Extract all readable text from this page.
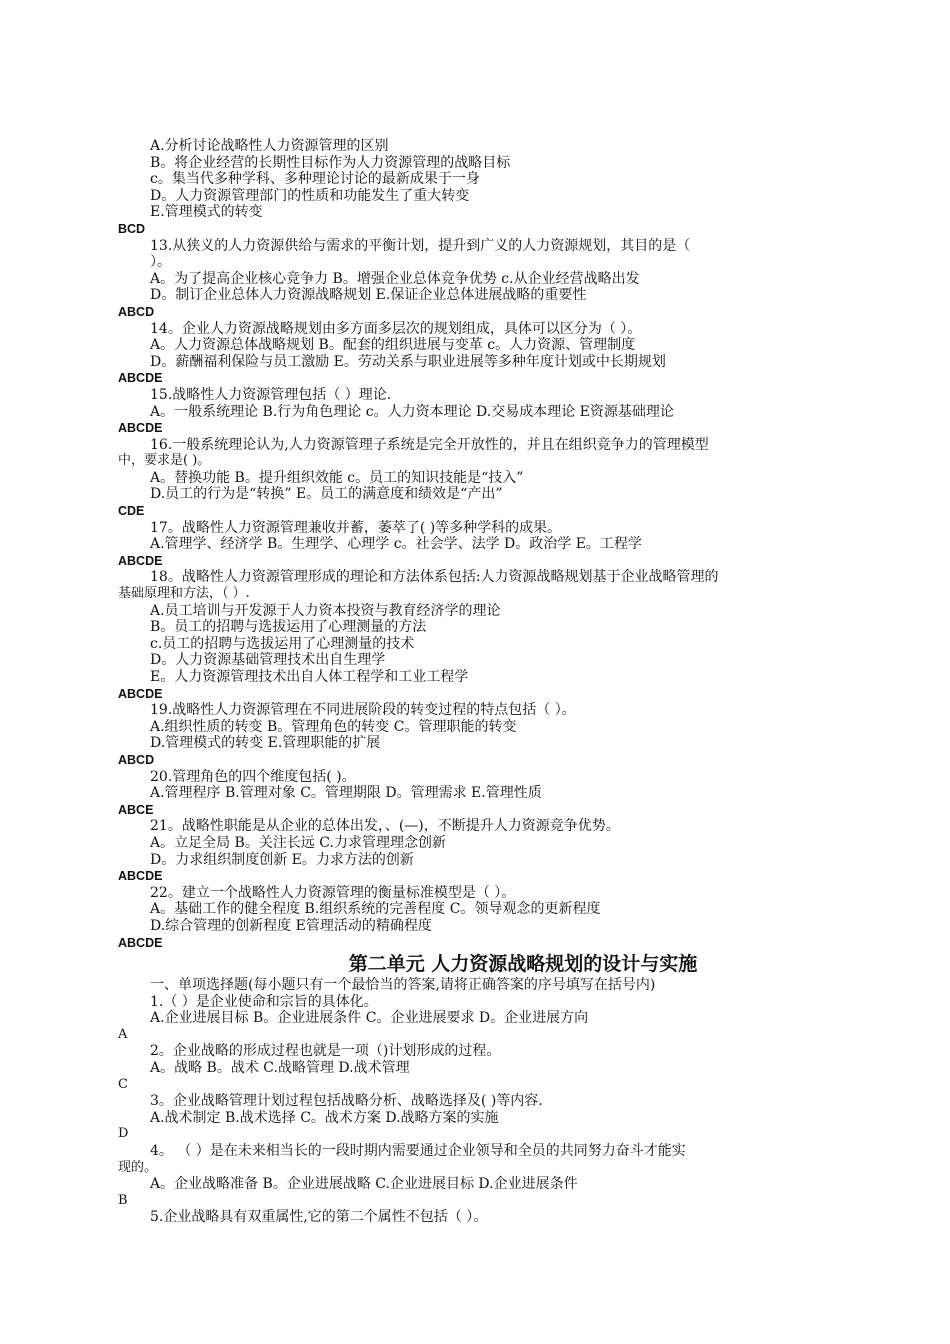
A.分析讨论战略性人力资源管理的区别
B。将企业经营的长期性目标作为人力资源管理的战略目标
c。集当代多种学科、多种理论讨论的最新成果于一身
D。人力资源管理部门的性质和功能发生了重大转变
E.管理模式的转变
BCD
13.从狭义的人力资源供给与需求的平衡计划，提升到广义的人力资源规划，其目的是（
）。
A。为了提高企业核心竞争力 B。增强企业总体竞争优势 c.从企业经营战略出发
D。制订企业总体人力资源战略规划 E.保证企业总体进展战略的重要性
ABCD
14。企业人力资源战略规划由多方面多层次的规划组成，具体可以区分为（ ）。
A。人力资源总体战略规划 B。配套的组织进展与变革 c。人力资源、管理制度
D。薪酬福利保险与员工激励 E。劳动关系与职业进展等多种年度计划或中长期规划
ABCDE
15.战略性人力资源管理包括（ ）理论.
A。一般系统理论 B.行为角色理论 c。人力资本理论 D.交易成本理论 E资源基础理论
ABCDE
16.一般系统理论认为,人力资源管理子系统是完全开放性的，并且在组织竞争力的管理模型
中，要求是( )。
A。替换功能 B。提升组织效能 c。员工的知识技能是“技入”
D.员工的行为是“转换” E。员工的满意度和绩效是“产出”
CDE
17。战略性人力资源管理兼收并蓄，萎萃了( )等多种学科的成果。
A.管理学、经济学 B。生理学、心理学 c。社会学、法学 D。政治学 E。工程学
ABCDE
18。战略性人力资源管理形成的理论和方法体系包括:人力资源战略规划基于企业战略管理的
基础原理和方法，（ ）.
A.员工培训与开发源于人力资本投资与教育经济学的理论
B。员工的招聘与选拔运用了心理测量的方法
c.员工的招聘与选拔运用了心理测量的技术
D。人力资源基础管理技术出自生理学
E。人力资源管理技术出自人体工程学和工业工程学
ABCDE
19.战略性人力资源管理在不同进展阶段的转变过程的特点包括（ ）。
A.组织性质的转变 B。管理角色的转变 C。管理职能的转变
D.管理模式的转变 E.管理职能的扩展
ABCD
20.管理角色的四个维度包括( )。
A.管理程序 B.管理对象 C。管理期限 D。管理需求 E.管理性质
ABCE
21。战略性职能是从企业的总体出发，、(—)，不断提升人力资源竞争优势。
A。立足全局 B。关注长远 C.力求管理理念创新
D。力求组织制度创新 E。力求方法的创新
ABCDE
22。建立一个战略性人力资源管理的衡量标准模型是（ ）。
A。基础工作的健全程度 B.组织系统的完善程度 C。领导观念的更新程度
D.综合管理的创新程度 E管理活动的精确程度
ABCDE
第二单元 人力资源战略规划的设计与实施
一、单项选择题(每小题只有一个最恰当的答案,请将正确答案的序号填写在括号内)
1.（ ）是企业使命和宗旨的具体化。
A.企业进展目标 B。企业进展条件 C。企业进展要求 D。企业进展方向
A
2。企业战略的形成过程也就是一项（)计划形成的过程。
A。战略 B。战术 C.战略管理 D.战术管理
C
3。企业战略管理计划过程包括战略分析、战略选择及( )等内容.
A.战术制定 B.战术选择 C。战术方案 D.战略方案的实施
D
4。 （ ）是在未来相当长的一段时期内需要通过企业领导和全员的共同努力奋斗才能实
现的。
A。企业战略准备 B。企业进展战略 C.企业进展目标 D.企业进展条件
B
5.企业战略具有双重属性,它的第二个属性不包括（ ）。
